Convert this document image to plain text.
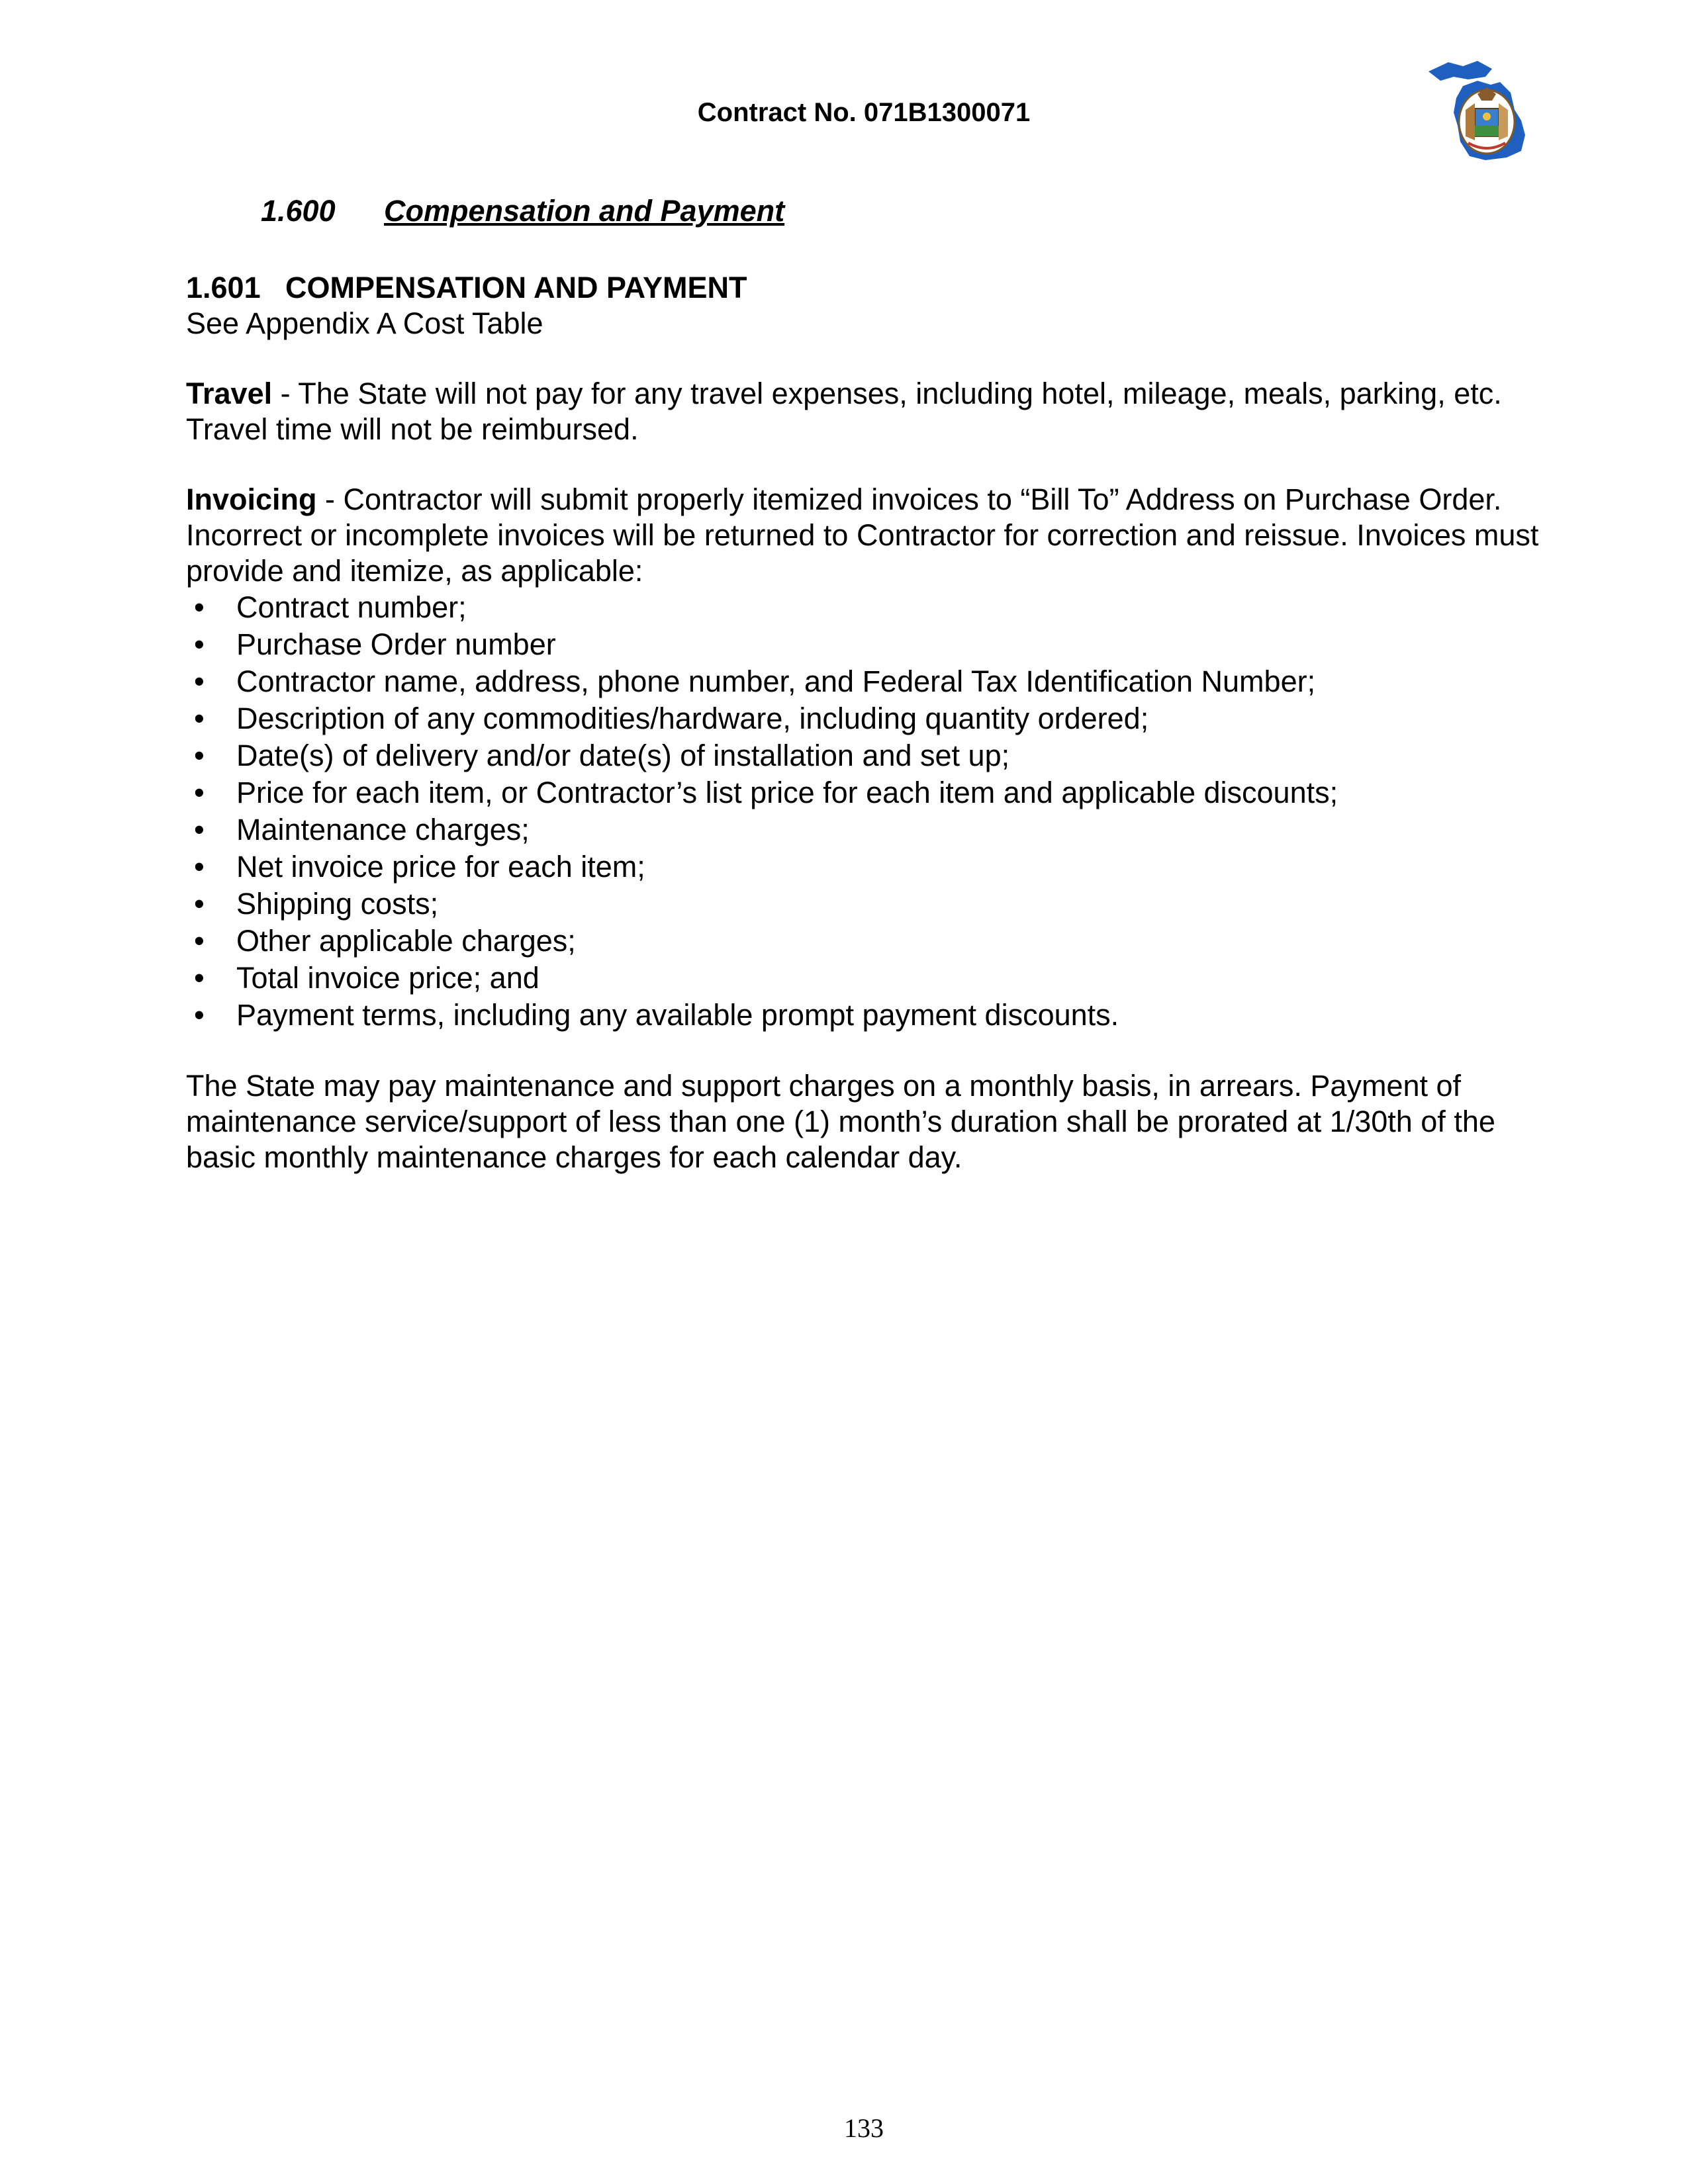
Contract No. 071B1300071
1.600 Compensation and Payment
1.601 COMPENSATION AND PAYMENT

See Appendix A Cost Table

Travel - The State will not pay for any travel expenses, including hotel, mileage, meals, parking, etc. Travel time will not be reimbursed.

Invoicing - Contractor will submit properly itemized invoices to “Bill To” Address on Purchase Order. Incorrect or incomplete invoices will be returned to Contractor for correction and reissue. Invoices must provide and itemize, as applicable:

• Contract number;
• Purchase Order number
• Contractor name, address, phone number, and Federal Tax Identification Number;
• Description of any commodities/hardware, including quantity ordered;
• Date(s) of delivery and/or date(s) of installation and set up;
• Price for each item, or Contractor’s list price for each item and applicable discounts;
• Maintenance charges;
• Net invoice price for each item;
• Shipping costs;
• Other applicable charges;
• Total invoice price; and
• Payment terms, including any available prompt payment discounts.

The State may pay maintenance and support charges on a monthly basis, in arrears. Payment of maintenance service/support of less than one (1) month’s duration shall be prorated at 1/30th of the basic monthly maintenance charges for each calendar day.

133
